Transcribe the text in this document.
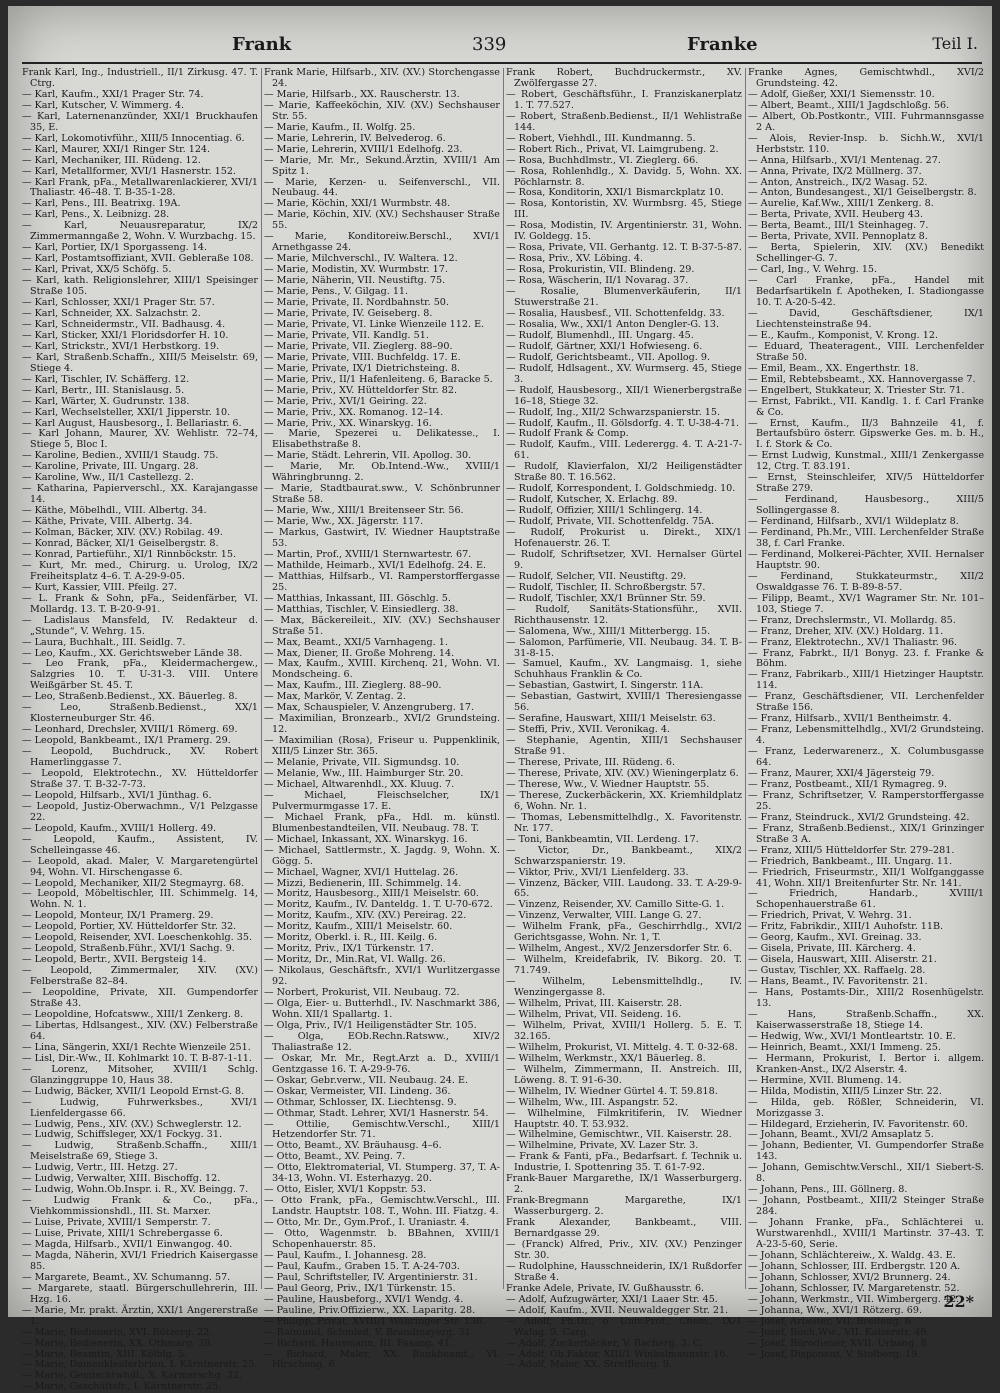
Frank	339	Franke	Teil I.

Frank Karl, Ing., Industriell., II/1 Zirkusg. 47. T. Ctrg.

— Karl, Kaufm., XXI/1 Prager Str. 74.

— Karl, Kutscher, V. Wimmerg. 4.

— Karl, Laternenanzünder, XXI/1 Bruckhaufen 35, E.

— Karl, Lokomotivführ., XIII/5 Innocentiag. 6.

— Karl, Maurer, XXI/1 Ringer Str. 124.

— Karl, Mechaniker, III. Rüdeng. 12.

— Karl, Metallformer, XVI/1 Hasnerstr. 152.

— Karl Frank, pFa., Metallwarenlackierer, XVI/1 Thaliastr. 46–48. T. B-35-1-28.

— Karl, Pens., III. Beatrixg. 19A.

— Karl, Pens., X. Leibnizg. 28.

— Karl, Neuausreparatur, IX/2 Zimmermanngaße 2, Wohn. V. Wurzbachg. 15.

— Karl, Portier, IX/1 Sporgasseng. 14.

— Karl, Postamtsoffiziant, XVII. Gebleraße 108.

— Karl, Privat, XX/5 Schöfg. 5.

— Karl, kath. Religionslehrer, XIII/1 Speisinger Straße 105.

— Karl, Schlosser, XXI/1 Prager Str. 57.

— Karl, Schneider, XX. Salzachstr. 2.

— Karl, Schneidermstr., VII. Badhausg. 4.

— Karl, Sticker, XXI/1 Floridsdorfer H. 10.

— Karl, Strickstr., XVI/1 Herbstkorg. 19.

— Karl, Straßenb.Schaffn., XIII/5 Meiselstr. 69, Stiege 4.

— Karl, Tischler, IV. Schäfferg. 12.

— Karl, Bertr., III. Stanislausg. 5.

— Karl, Wärter, X. Gudrunstr. 138.

— Karl, Wechselsteller, XXI/1 Jipperstr. 10.

— Karl August, Hausbesorg., I. Bellariastr. 6.

— Karl Johann, Maurer, XV. Wehlistr. 72–74, Stiege 5, Bloc I.

— Karoline, Bedien., XVIII/1 Staudg. 75.

— Karoline, Private, III. Ungarg. 28.

— Karoline, Ww., II/1 Castellezg. 2.

— Katharina, Papierverschl., XX. Karajangasse 14.

— Käthe, Möbelhdl., VIII. Albertg. 34.

— Käthe, Private, VIII. Albertg. 34.

— Kolman, Bäcker, XIV. (XV.) Robilag. 49.

— Konrad, Bäcker, XI/1 Geiselbergstr. 8.

— Konrad, Partieführ., XI/1 Rinnböckstr. 15.

— Kurt, Mr. med., Chirurg. u. Urolog, IX/2 Freiheitsplatz 4–6. T. A-29-9-05.

— Kurt, Kassier, VIII. Pfeilg. 27.

— L. Frank & Sohn, pFa., Seidenfärber, VI. Mollardg. 13. T. B-20-9-91.

— Ladislaus Mansfeld, IV. Redakteur d. „Stunde“, V. Wehrg. 15.

— Laura, Buchhalt., III. Seidlg. 7.

— Leo, Kaufm., XX. Gerichtsweber Lände 38.

— Leo Frank, pFa., Kleidermachergew., Salzgries 10. T. U-31-3. VIII. Untere Weißgärber St. 45. T.

— Leo, Straßenb.Bedienst., XX. Bäuerleg. 8.

— Leo, Straßenb.Bedienst., XX/1 Klosterneuburger Str. 46.

— Leonhard, Drechsler, XVIII/1 Römerg. 69.

— Leopold, Bankbeamt., IX/1 Pramerg. 29.

— Leopold, Buchdruck., XV. Robert Hamerlinggasse 7.

— Leopold, Elektrotechn., XV. Hütteldorfer Straße 37. T. B-32-7-73.

— Leopold, Hilfsarb., XVI/1 Jünthag. 6.

— Leopold, Justiz-Oberwachmn., V/1 Pelzgasse 22.

— Leopold, Kaufm., XVIII/1 Hollerg. 49.

— Leopold, Kaufm., Assistent, IV. Schelleingasse 46.

— Leopold, akad. Maler, V. Margaretengürtel 94, Wohn. VI. Hirschengasse 6.

— Leopold, Mechaniker, XII/2 Stegmayrg. 68.

— Leopold, Möbeltischler, III. Schimmelg. 14, Wohn. N. 1.

— Leopold, Monteur, IX/1 Pramerg. 29.

— Leopold, Portier, XV. Hütteldorfer Str. 32.

— Leopold, Reisender, XVI. Loeschenkohlg. 35.

— Leopold, Straßenb.Führ., XVI/1 Sachg. 9.

— Leopold, Bertr., XVII. Bergsteig 14.

— Leopold, Zimmermaler, XIV. (XV.) Felberstraße 82–84.

— Leopoldine, Private, XII. Gumpendorfer Straße 43.

— Leopoldine, Hofcatsww., XIII/1 Zenkerg. 8.

— Libertas, Hdlsangest., XIV. (XV.) Felberstraße 64.

— Lina, Sängerin, XXI/1 Rechte Wienzeile 251.

— Lisl, Dir.-Ww., II. Kohlmarkt 10. T. B-87-1-11.

— Lorenz, Mitsoher, XVIII/1 Schlg. Glanzinggruppe 10, Haus 38.

— Ludwig, Bäcker, XVII/1 Leopold Ernst-G. 8.

— Ludwig, Fuhrwerksbes., XVI/1 Lienfeldergasse 66.

— Ludwig, Pens., XIV. (XV.) Schweglerstr. 12.

— Ludwig, Schiffsleger, XX/1 Fockyg. 31.

— Ludwig, Straßenb.Schaffn., XIII/1 Meiselstraße 69, Stiege 3.

— Ludwig, Vertr., III. Hetzg. 27.

— Ludwig, Verwalter, XIII. Bischoffg. 12.

— Ludwig, Wohn.Ob.Inspr. i. R., XV. Beingg. 7.

— Ludwig Frank & Co., pFa., Viehkommissionshdl., III. St. Marxer.

— Luise, Private, XVIII/1 Semperstr. 7.

— Luise, Private, XIII/1 Schrebergasse 6.

— Magda, Hilfsarb., XVII/1 Einwangog. 40.

— Magda, Näherin, XVI/1 Friedrich Kaisergasse 85.

— Margarete, Beamt., XV. Schumanng. 57.

— Margarete, staatl. Bürgerschullehrerin, III. Hzg. 16.

— Marie, Mr. prakt. Ärztin, XXI/1 Angererstraße 1.

— Marie, Bedienerin, XVI. Rötzerg. 22.

— Marie, Bedienerin, XX. Othmarg. 38.

— Marie, Beamtin, XIII. Kölblg. 5.

— Marie, Damenkleiderbrion, I. Kärntnerstr. 25.

— Marie, Gemischtwhdl., X. Karmarschg. 32.

— Marie, Geschäftsfr., I. Kärntnerstr. 25.

Frank Marie, Hilfsarb., XIV. (XV.) Storchengasse 24.

— Marie, Hilfsarb., XX. Rauscherstr. 13.

— Marie, Kaffeeköchin, XIV. (XV.) Sechshauser Str. 55.

— Marie, Kaufm., II. Wolfg. 25.

— Marie, Lehrerin, IV. Belvederog. 6.

— Marie, Lehrerin, XVIII/1 Edelhofg. 23.

— Marie, Mr. Mr., Sekund.Ärztin, XVIII/1 Am Spitz 1.

— Marie, Kerzen- u. Seifenverschl., VII. Neubaug. 44.

— Marie, Köchin, XXI/1 Wurmbstr. 48.

— Marie, Köchin, XIV. (XV.) Sechshauser Straße 55.

— Marie, Konditoreiw.Berschl., XVI/1 Arnethgasse 24.

— Marie, Milchverschl., IV. Waltera. 12.

— Marie, Modistin, XV. Wurmbstr. 17.

— Marie, Näherin, VII. Neustiftg. 75.

— Marie, Pens., V. Gilgag. 11.

— Marie, Private, II. Nordbahnstr. 50.

— Marie, Private, IV. Geiseberg. 8.

— Marie, Private, VI. Linke Wienzeile 112. E.

— Marie, Private, VII. Kandlg. 51.

— Marie, Private, VII. Zieglerg. 88–90.

— Marie, Private, VIII. Buchfeldg. 17. E.

— Marie, Private, IX/1 Dietrichsteing. 8.

— Marie, Priv., II/1 Hafenleiteng. 6, Baracke 5.

— Marie, Priv., XV. Hütteldorfer Str. 82.

— Marie, Priv., XVI/1 Geiring. 22.

— Marie, Priv., XX. Romanog. 12–14.

— Marie, Priv., XX. Winarskyg. 16.

— Marie, Spezerei u. Delikatesse., I. Elisabethstraße 8.

— Marie, Städt. Lehrerin, VII. Apollog. 30.

— Marie, Mr. Ob.Intend.-Ww., XVIII/1 Währingbrunng. 2.

— Marie, Stadtbaurat.sww., V. Schönbrunner Straße 58.

— Marie, Ww., XIII/1 Breitenseer Str. 56.

— Marie, Ww., XX. Jägerstr. 117.

— Markus, Gastwirt, IV. Wiedner Hauptstraße 53.

— Martin, Prof., XVIII/1 Sternwartestr. 67.

— Mathilde, Heimarb., XVI/1 Edelhofg. 24. E.

— Matthias, Hilfsarb., VI. Ramperstorffergasse 25.

— Matthias, Inkassant, III. Göschlg. 5.

— Matthias, Tischler, V. Einsiedlerg. 38.

— Max, Bäckereileit., XIV. (XV.) Sechshauser Straße 51.

— Max, Beamt., XXI/5 Varnhageng. 1.

— Max, Diener, II. Große Mohreng. 14.

— Max, Kaufm., XVIII. Kirchenq. 21, Wohn. VI. Mondscheing. 6.

— Max, Kaufm., III. Zieglerg. 88–90.

— Max, Markör, V. Zentag. 2.

— Max, Schauspieler, V. Anzengruberg. 17.

— Maximilian, Bronzearb., XVI/2 Grundsteing. 12.

— Maximilian (Rosa), Friseur u. Puppenklinik, XIII/5 Linzer Str. 365.

— Melanie, Private, VII. Sigmundsg. 10.

— Melanie, Ww., III. Haimburger Str. 20.

— Michael, Altwarenhdl., XX. Kluug. 7.

— Michael, Fleischselcher, IX/1 Pulvermurmgasse 17. E.

— Michael Frank, pFa., Hdl. m. künstl. Blumenbestandteilen, VII. Neubaug. 78. T.

— Michael, Inkassant, XX. Winarskyg. 16.

— Michael, Sattlermstr., X. Jagdg. 9, Wohn. X. Gögg. 5.

— Michael, Wagner, XVI/1 Huttelag. 26.

— Mizzi, Bedienerin, III. Schimmelg. 14.

— Moritz, Hausbesorg., XIII/1 Meiselstr. 60.

— Moritz, Kaufm., IV. Danteldg. 1. T. U-70-672.

— Moritz, Kaufm., XIV. (XV.) Pereirag. 22.

— Moritz, Kaufm., XIII/1 Meiselstr. 60.

— Moritz, Oberkl. i. R., III. Keilg. 6.

— Moritz, Priv., IX/1 Türkenstr. 17.

— Moritz, Dr., Min.Rat, VI. Wallg. 26.

— Nikolaus, Geschäftsfr., XVI/1 Wurlitzergasse 92.

— Norbert, Prokurist, VII. Neubaug. 72.

— Olga, Eier- u. Butterhdl., IV. Naschmarkt 386, Wohn. XII/1 Spallartg. 1.

— Olga, Priv., IV/1 Heiligenstädter Str. 105.

— Olga, EOb.Rechn.Ratsww., XIV/2 Thaliastraße 12.

— Oskar, Mr. Mr., Regt.Arzt a. D., XVIII/1 Gentzgasse 16. T. A-29-9-76.

— Oskar, Gebr.verw., VII. Neubaug. 24. E.

— Oskar, Vermeister, VII. Lindeng. 36.

— Othmar, Schlosser, IX. Liechtensg. 9.

— Othmar, Stadt. Lehrer, XVI/1 Hasnerstr. 54.

— Ottilie, Gemischtw.Verschl., XIII/1 Hetzendorfer Str. 71.

— Otto, Beamt., XV. Bräuhausg. 4–6.

— Otto, Beamt., XV. Peing. 7.

— Otto, Elektromaterial, VI. Stumperg. 37, T. A-34-13, Wohn. VI. Esterhazyg. 20.

— Otto, Eisler, XVI/1 Koppstr. 53.

— Otto Frank, pFa., Gemischtw.Verschl., III. Landstr. Hauptstr. 108. T., Wohn. III. Fiatzg. 4.

— Otto, Mr. Dr., Gym.Prof., I. Uraniastr. 4.

— Otto, Wagenmstr. b. BBahnen, XVIII/1 Schopenhauerstr. 85.

— Paul, Kaufm., I. Johannesg. 28.

— Paul, Kaufm., Graben 15. T. A-24-703.

— Paul, Schriftsteller, IV. Argentinierstr. 31.

— Paul Georg, Priv., IX/1 Türkenstr. 15.

— Pauline, Hausbeforg., XVI/1 Wendg. 4.

— Pauline, Priv.Offizierw., XX. Laparitg. 28.

— Philipp, Privat, XVIII/1 Währinger Str. 136.

— Raimund, Schmied, V. Brandmayerg. 31.

— Richard, Hausmann, III. Fasang. 41.

— Richard, Maler, XX. Bankbeamt., VI. Hirscheng. 6.

Frank Robert, Buchdruckermstr., XV. Zwölfergasse 27.

— Robert, Geschäftsführ., I. Franziskanerplatz 1. T. 77.527.

— Robert, Straßenb.Bedienst., II/1 Wehlistraße 144.

— Robert, Viehhdl., III. Kundmanng. 5.

— Robert Rich., Privat, VI. Laimgrubeng. 2.

— Rosa, Buchhdlmstr., VI. Zieglerg. 66.

— Rosa, Rohlenhdlg., X. Davidg. 5, Wohn. XX. Pöchlarnstr. 8.

— Rosa, Konditorin, XXI/1 Bismarckplatz 10.

— Rosa, Kontoristin, XV. Wurmbsrg. 45, Stiege III.

— Rosa, Modistin, IV. Argentinierstr. 31, Wohn. IV. Goldegg. 15.

— Rosa, Private, VII. Gerhantg. 12. T. B-37-5-87.

— Rosa, Priv., XV. Löbing. 4.

— Rosa, Prokuristin, VII. Blindeng. 29.

— Rosa, Wäscherin, II/1 Novarag. 37.

— Rosalie, Blumenverkäuferin, II/1 Stuwerstraße 21.

— Rosalia, Hausbesf., VII. Schottenfeldg. 33.

— Rosalia, Ww., XXI/1 Anton Dengler-G. 13.

— Rudolf, Blumenhdl., III. Ungarg. 45.

— Rudolf, Gärtner, XXI/1 Hofwieseng. 6.

— Rudolf, Gerichtsbeamt., VII. Apollog. 9.

— Rudolf, Hdlsagent., XV. Wurmserg. 45, Stiege 3.

— Rudolf, Hausbesorg., XII/1 Wienerbergstraße 16–18, Stiege 32.

— Rudolf, Ing., XII/2 Schwarzspanierstr. 15.

— Rudolf, Kaufm., II. Gölsdorfg. 4. T. U-38-4-71.

— Rudolf Frank & Comp.

— Rudolf, Kaufm., VIII. Lederergg. 4. T. A-21-7-61.

— Rudolf, Klavierfalon, XI/2 Heiligenstädter Straße 80. T. 16.562.

— Rudolf, Korrespondent, I. Goldschmiedg. 10.

— Rudolf, Kutscher, X. Erlachg. 89.

— Rudolf, Offizier, XIII/1 Schlingerg. 14.

— Rudolf, Private, VII. Schottenfeldg. 75A.

— Rudolf, Prokurist u. Direkt., XIX/1 Hofenauerstr. 26. T.

— Rudolf, Schriftsetzer, XVI. Hernalser Gürtel 9.

— Rudolf, Selcher, VII. Neustiftg. 29.

— Rudolf, Tischler, II. Schroßbergstr. 57.

— Rudolf, Tischler, XX/1 Brünner Str. 59.

— Rudolf, Sanitäts-Stationsführ., XVII. Richthausenstr. 12.

— Salomena, Ww., XIII/1 Mitterbergg. 15.

— Salomon, Parfümerie, VII. Neubaug. 34. T. B-31-8-15.

— Samuel, Kaufm., XV. Langmaisg. 1, siehe Schuhhaus Franklin & Co.

— Sebastian, Gastwirt, I. Singerstr. 11A.

— Sebastian, Gastwirt, XVIII/1 Theresiengasse 56.

— Serafine, Hauswart, XIII/1 Meiselstr. 63.

— Steffi, Priv., XVII. Veronikag. 4.

— Stephanie, Agentin, XIII/1 Sechshauser Straße 91.

— Therese, Private, III. Rüdeng. 6.

— Therese, Private, XIV. (XV.) Wieningerplatz 6.

— Therese, Ww., V. Wiedner Hauptstr. 55.

— Therese, Zuckerbäckerin, XX. Kriemhildplatz 6, Wohn. Nr. 1.

— Thomas, Lebensmittelhdlg., X. Favoritenstr. Nr. 177.

— Toni, Bankbeamtin, VII. Lerdeng. 17.

— Victor, Dr., Bankbeamt., XIX/2 Schwarzspanierstr. 19.

— Viktor, Priv., XVI/1 Lienfelderg. 33.

— Vinzenz, Bäcker, VIII. Laudong. 33. T. A-29-9-65.

— Vinzenz, Reisender, XV. Camillo Sitte-G. 1.

— Vinzenz, Verwalter, VIII. Lange G. 27.

— Wilhelm Frank, pFa., Geschirrhdlg., XVI/2 Gerichtsgasse, Wohn. Nr. 1, T.

— Wilhelm, Angest., XV/2 Jenzersdorfer Str. 6.

— Wilhelm, Kreidefabrik, IV. Bikorg. 20. T. 71.749.

— Wilhelm, Lebensmittelhdlg., IV. Wenzingergasse 8.

— Wilhelm, Privat, III. Kaiserstr. 28.

— Wilhelm, Privat, VII. Seideng. 16.

— Wilhelm, Privat, XVIII/1 Hollerg. 5. E. T. 32.165.

— Wilhelm, Prokurist, VI. Mittelg. 4. T. 0-32-68.

— Wilhelm, Werkmstr., XX/1 Bäuerleg. 8.

— Wilhelm, Zimmermann, II. Anstreich. III, Löweng. 8. T. 91-6-30.

— Wilhelm, IV. Wiedner Gürtel 4. T. 59.818.

— Wilhelm, Ww., III. Aspangstr. 52.

— Wilhelmine, Filmkritiferin, IV. Wiedner Hauptstr. 40. T. 53.932.

— Wilhelmine, Gemischtwr., VII. Kaiserstr. 28.

— Wilhelmine, Private, XV. Lazer Str. 3.

— Frank & Fanti, pFa., Bedarfsart. f. Technik u. Industrie, I. Spottenring 35. T. 61-7-92.

Frank-Bauer Margarethe, IX/1 Wasserburgerg. 2.

Frank-Bregmann Margarethe, IX/1 Wasserburgerg. 2.

Frank Alexander, Bankbeamt., VIII. Bernardgasse 29.

— (Franck) Alfred, Priv., XIV. (XV.) Penzinger Str. 30.

— Rudolphine, Hausschneiderin, IX/1 Rußdorfer Straße 4.

Franke Adele, Private, IV. Gußhausstr. 6.

— Adolf, Aufzugwärter, XXI/1 Laaer Str. 45.

— Adolf, Kaufm., XVII. Neuwaldegger Str. 21.

— Adolf, Ph.Dr., o. Univ.Prof., Chem., IX/1 Wafag. 9. Carg.

— Adolf, Zuckerbäcker, V. Bacherg. 3. C.

— Adolf, Ob.Faktor, XIII/1 Winkelmannstr. 16.

— Adolf, Maler, XX. Streffleurg. 9.

Franke Agnes, Gemischtwhdl., XVI/2 Grundsteing. 42.

— Adolf, Gießer, XXI/1 Siemensstr. 10.

— Albert, Beamt., XIII/1 Jagdschloßg. 56.

— Albert, Ob.Postkontr., VIII. Fuhrmannsgasse 2 A.

— Alois, Revier-Insp. b. Sichh.W., XVI/1 Herbststr. 110.

— Anna, Hilfsarb., XVI/1 Mentenag. 27.

— Anna, Private, IX/2 Müllnerg. 37.

— Anton, Anstreich., IX/2 Wasag. 52.

— Anton, Bundesangest., XI/1 Geiselbergstr. 8.

— Aurelie, Kaf.Ww., XIII/1 Zenkerg. 8.

— Berta, Private, XVII. Heuberg 43.

— Berta, Beamt., III/1 Steinhageg. 7.

— Berta, Private, XVII. Pennoplatz 8.

— Berta, Spielerin, XIV. (XV.) Benedikt Schellinger-G. 7.

— Carl, Ing., V. Wehrg. 15.

— Carl Franke, pFa., Handel mit Bedarfsartikeln f. Apotheken, I. Stadiongasse 10. T. A-20-5-42.

— David, Geschäftsdiener, IX/1 Liechtensteinstraße 94.

— E., Kaufm., Komponist, V. Krong. 12.

— Eduard, Theateragent., VIII. Lerchenfelder Straße 50.

— Emil, Beam., XX. Engerthstr. 18.

— Emil, Rebtebsbeamt., XX. Hannovergasse 7.

— Engelbert, Stukkateur, X. Triester Str. 71.

— Ernst, Fabrikt., VII. Kandlg. 1. f. Carl Franke & Co.

— Ernst, Kaufm., II/3 Bahnzeile 41, f. Bertaufsbüro österr. Gipswerke Ges. m. b. H., I. f. Stork & Co.

— Ernst Ludwig, Kunstmal., XIII/1 Zenkergasse 12, Ctrg. T. 83.191.

— Ernst, Steinschleifer, XIV/5 Hütteldorfer Straße 279.

— Ferdinand, Hausbesorg., XIII/5 Sollingergasse 8.

— Ferdinand, Hilfsarb., XVI/1 Wildeplatz 8.

— Ferdinand, Ph.Mr., VIII. Lerchenfelder Straße 38, f. Carl Franke.

— Ferdinand, Molkerei-Pächter, XVII. Hernalser Hauptstr. 90.

— Ferdinand, Stukkateurmstr., XII/2 Oswaldgasse 76. T. B-89-8-57.

— Filipp, Beamt., XV/1 Wagramer Str. Nr. 101–103, Stiege 7.

— Franz, Drechslermstr., VI. Mollardg. 85.

— Franz, Dreher, XIV. (XV.) Holdarg. 11.

— Franz, Elektrotechn., XV/1 Thaliastr. 96.

— Franz, Fabrkt., II/1 Bonyg. 23. f. Franke & Böhm.

— Franz, Fabrikarb., XIII/1 Hietzinger Hauptstr. 114.

— Franz, Geschäftsdiener, VII. Lerchenfelder Straße 156.

— Franz, Hilfsarb., XVII/1 Bentheimstr. 4.

— Franz, Lebensmittelhdlg., XVI/2 Grundsteing. 4.

— Franz, Lederwarenerz., X. Columbusgasse 64.

— Franz, Maurer, XXI/4 Jägersteig 79.

— Franz, Postbeamt., XII/1 Rymagreg. 9.

— Franz, Schriftsetzer, V. Ramperstorffergasse 25.

— Franz, Steindruck., XVI/2 Grundsteing. 42.

— Franz, Straßenb.Bedienst., XIX/1 Grinzinger Straße 3 A.

— Franz, XIII/5 Hütteldorfer Str. 279–281.

— Friedrich, Bankbeamt., III. Ungarg. 11.

— Friedrich, Friseurmstr., XII/1 Wolfganggasse 41, Wohn. XII/1 Breitenfurter Str. Nr. 141.

— Friedrich, Handarb., XVIII/1 Schopenhauerstraße 61.

— Friedrich, Privat, V. Wehrg. 31.

— Fritz, Fabrikdir., XIII/1 Auhofstr. 11B.

— Georg, Kaufm., XVI. Greinag. 33.

— Gisela, Private, III. Kärcherg. 4.

— Gisela, Hauswart, XIII. Aliserstr. 21.

— Gustav, Tischler, XX. Raffaelg. 28.

— Hans, Beamt., IV. Favoritenstr. 21.

— Hans, Postamts-Dir., XIII/2 Rosenhügelstr. 13.

— Hans, Straßenb.Schaffn., XX. Kaiserwasserstraße 18, Stiege 14.

— Hedwig, Ww., XVI/1 Montleartstr. 10. E.

— Heinrich, Beamt., XXI/1 Immeng. 25.

— Hermann, Prokurist, I. Bertor i. allgem. Kranken-Anst., IX/2 Alserstr. 4.

— Hermine, XVII. Blumeng. 14.

— Hilda, Modistin, XIII/5 Linzer Str. 22.

— Hilda, geb. Rößler, Schneiderin, VI. Morizgasse 3.

— Hildegard, Erzieherin, IV. Favoritenstr. 60.

— Johann, Beamt., XVI/2 Amsaplatz 5.

— Johann, Bedienter, VI. Gumpendorfer Straße 143.

— Johann, Gemischtw.Verschl., XII/1 Siebert-S. 8.

— Johann, Pens., III. Göllnerg. 8.

— Johann, Postbeamt., XIII/2 Steinger Straße 284.

— Johann Franke, pFa., Schlächterei u. Wurstwarenhdl., XVIII/1 Martinstr. 37–43. T. A-23-5-60, Serie.

— Johann, Schlächtereiw., X. Waldg. 43. E.

— Johann, Schlosser, III. Erdbergstr. 120 A.

— Johann, Schlosser, XVI/2 Brunnerg. 24.

— Johann, Schlosser, IV. Margaretenstr. 52.

— Johann, Werkmstr., VII. Wimbergerg. 42.

— Johanna, Ww., XVI/1 Rötzerg. 69.

— Josef, Arbeiter, VII. Breiteng. 6.

— Josef, Buch.Ww., VII. Kaiserstr. 49.

— Josef, Bürodiener, XVII. Urbang. 8.

— Josef, Disponent, V. Stolberg. 19.

22*
